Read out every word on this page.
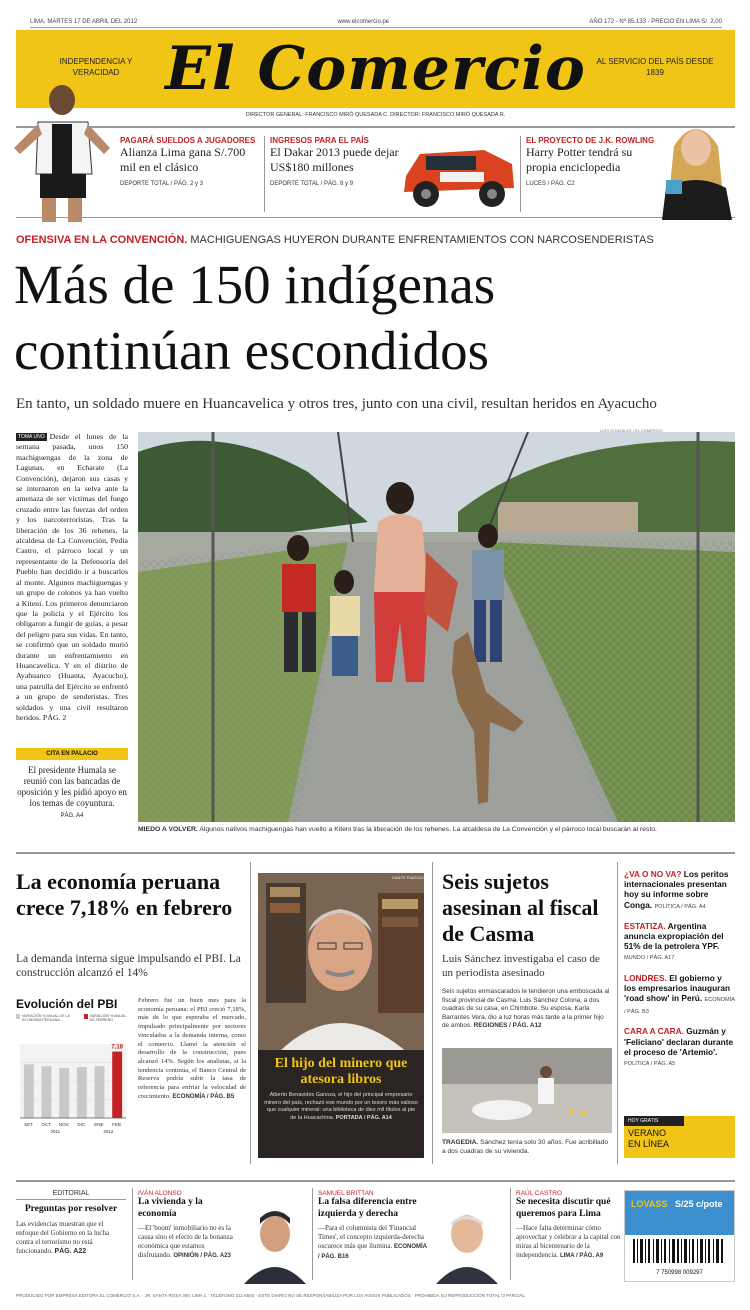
LIMA, MARTES 17 DE ABRIL DEL 2012	www.elcomercio.pe	AÑO 172 - Nº 85.133 - PRECIO EN LIMA S/. 2,00
INDEPENDENCIA Y VERACIDAD El Comercio	AL SERVICIO DEL PAÍS DESDE 1839
DIRECTOR GENERAL: FRANCISCO MIRÓ QUESADA C. DIRECTOR: FRANCISCO MIRÓ QUESADA R.
PAGARÁ SUELDOS A JUGADORES
Alianza Lima gana S/.700 mil en el clásico
DEPORTE TOTAL / PÁG. 2 y 3
INGRESOS PARA EL PAÍS
El Dakar 2013 puede dejar US$180 millones
DEPORTE TOTAL / PÁG. 8 y 9
EL PROYECTO DE J.K. ROWLING
Harry Potter tendrá su propia enciclopedia
LUCES / PÁG. C2
OFENSIVA EN LA CONVENCIÓN. MACHIGUENGAS HUYERON DURANTE ENFRENTAMIENTOS CON NARCOSENDERISTAS
Más de 150 indígenas
continúan escondidos
En tanto, un soldado muere en Huancavelica y otros tres, junto con una civil, resultan heridos en Ayacucho
TOMA UNO Desde el lunes de la semana pasada, unos 150 machiguengas de la zona de Lagunas, en Echarate (La Convención), dejaron sus casas y se internaron en la selva ante la amenaza de ser víctimas del fuego cruzado entre las fuerzas del orden y los narcoterroristas. Tras la liberación de los 36 rehenes, la alcaldesa de La Convención, Pedia Castro, el párroco local y un representante de la Defensoría del Pueblo han decidido ir a buscarlos al monte. Algunos machiguengas y un grupo de colonos ya han vuelto a Kiteni. Los primeros denunciaron que la policía y el Ejército los obligaron a fungir de guías, a pesar del peligro para sus vidas. En tanto, se confirmó que un soldado murió durante un enfrentamiento en Huancavelica. Y en el distrito de Ayahuanco (Huanta, Ayacucho), una patrulla del Ejército se enfrentó a un grupo de senderistas. Tres soldados y una civil resultaron heridos. PÁG. 2
CITA EN PALACIO
El presidente Humala se reunió con las bancadas de oposición y les pidió apoyo en los temas de coyuntura.
PÁG. A4
LUIS GONZÁLEZ / EL COMERCIO
MIEDO A VOLVER. Algunos nativos machiguengas han vuelto a Kiteni tras la liberación de los rehenes. La alcaldesa de La Convención y el párroco local buscarán al resto.
La economía peruana crece 7,18% en febrero
La demanda interna sigue impulsando el PBI. La construcción alcanzó el 14%
Evolución del PBI
VARIACIÓN % ANUAL DE LA ECONOMÍA PERUANA
VARIACIÓN % ANUAL DE FEBRERO
SET. OCT. NOV. DIC. ENE. FEB.
7,18
2011	2012
Febrero fue un buen mes para la economía peruana: el PBI creció 7,18%, más de lo que esperaba el mercado, impulsado principalmente por sectores vinculados a la demanda interna, como el comercio. Llamó la atención el desarrollo de la construcción, pues alcanzó 14%. Según los analistas, si la tendencia continúa, el Banco Central de Reserva podría subir la tasa de referencia para enfriar la velocidad de crecimiento. ECONOMÍA / PÁG. B5
DANTE PIAGGIO
El hijo del minero que atesora libros
Alberto Benavides Ganoza, el hijo del principal empresario minero del país, rechazó ese mundo por un tesoro más valioso que cualquier mineral: una biblioteca de diez mil títulos al pie de la Huacachina. PORTADA / PÁG. A14
Seis sujetos asesinan al fiscal de Casma
Luis Sánchez investigaba el caso de un periodista asesinado
Seis sujetos enmascarados le tendieron una emboscada al fiscal provincial de Casma, Luis Sánchez Colona, a dos cuadras de su casa, en Chimbote. Su esposa, Karla Barrantes Vera, dio a luz horas más tarde a la primer hijo de ambos. REGIONES / PÁG. A12
TRAGEDIA. Sánchez tenía solo 30 años. Fue acribillado a dos cuadras de su vivienda.
¿VA O NO VA? Los peritos internacionales presentan hoy su informe sobre Conga. POLÍTICA / PÁG. A4
ESTATIZA. Argentina anuncia expropiación del 51% de la petrolera YPF. MUNDO / PÁG. A17
LONDRES. El gobierno y los empresarios inauguran 'road show' in Perú. ECONOMÍA / PÁG. B3
CARA A CARA. Guzmán y 'Feliciano' declaran durante el proceso de 'Artemio'. POLÍTICA / PÁG. A5
HOY GRATIS
VERANO EN LÍNEA
EDITORIAL
Preguntas por resolver
Las evidencias muestran que el enfoque del Gobierno en la lucha contra el terrorismo no está funcionando. PÁG. A22
IVÁN ALONSO
La vivienda y la economía
—El 'boom' inmobiliario no es la causa sino el efecto de la bonanza económica que estamos disfrutando. OPINIÓN / PÁG. A23
SAMUEL BRITTAN
La falsa diferencia entre izquierda y derecha
—Para el columnista del 'Financial Times', el concepto izquierda-derecha oscurece más que ilumina. ECONOMÍA / PÁG. B16
RAÚL CASTRO
Se necesita discutir qué queremos para Lima
—Hace falta determinar cómo aprovechar y celebrar a la capital con miras al bicentenario de la independencia. LIMA / PÁG. A9
LOVASS S/25 c/pote
7 750998 009297
PRODUCIDO POR EMPRESA EDITORA EL COMERCIO S.A. · JR. SANTA ROSA 300, LIMA 1 · TELÉFONO 311-6500 · ESTE DIARIO NO SE RESPONSABILIZA POR LOS AVISOS PUBLICADOS · PROHIBIDA SU REPRODUCCIÓN TOTAL O PARCIAL
